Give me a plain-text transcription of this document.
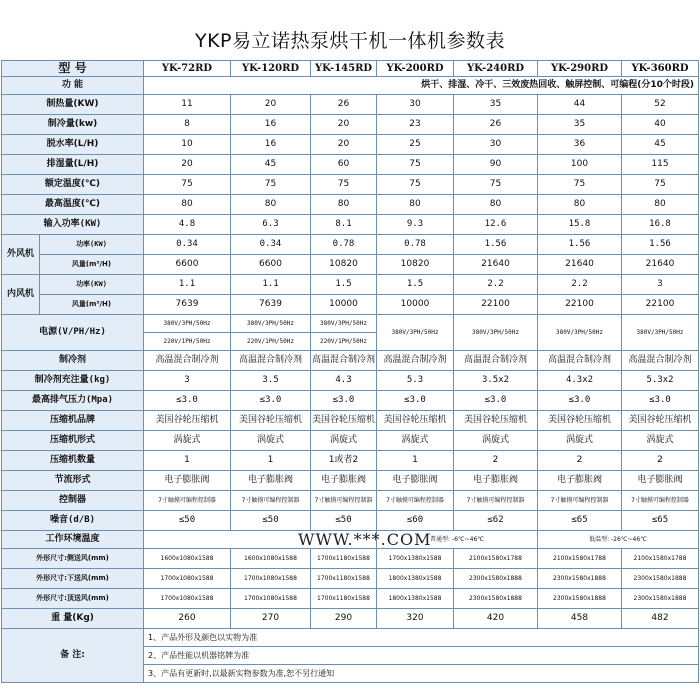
YKP易立诺热泵烘干机一体机参数表
型 号		YK-72RD	YK-120RD	YK-145RD	YK-200RD	YK-240RD	YK-290RD	YK-360RD
功 能		烘干、排湿、冷干、三效废热回收、触屏控制、可编程(分10个时段)						
制热量(KW)		11	20	26	30	35	44	52
制冷量(kw)		8	16	20	23	26	35	40
脱水率(L/H)		10	16	20	25	30	36	45
排湿量(L/H)		20	45	60	75	90	100	115
额定温度(℃)		75	75	75	75	75	75	75
最高温度(℃)		80	80	80	80	80	80	80
输入功率(KW)		4.8	6.3	8.1	9.3	12.6	15.8	16.8
外风机	功率(KW)	0.34	0.34	0.78	0.78	1.56	1.56	1.56
	风量(m³/H)	6600	6600	10820	10820	21640	21640	21640
内风机	功率(KW)	1.1	1.1	1.5	1.5	2.2	2.2	3
	风量(m³/H)	7639	7639	10000	10000	22100	22100	22100
电源(V/PH/Hz)		380V/3PH/50Hz	380V/3PH/50Hz	380V/3PH/50Hz	380V/3PH/50Hz	380V/3PH/50Hz	380V/3PH/50Hz	380V/3PH/50Hz
		220V/1PH/50Hz	220V/1PH/50Hz	220V/1PH/50Hz				
制冷剂		高温混合制冷剂	高温混合制冷剂	高温混合制冷剂	高温混合制冷剂	高温混合制冷剂	高温混合制冷剂	高温混合制冷剂
制冷剂充注量(kg)		3	3.5	4.3	5.3	3.5x2	4.3x2	5.3x2
最高排气压力(Mpa)		≤3.0	≤3.0	≤3.0	≤3.0	≤3.0	≤3.0	≤3.0
压缩机品牌		美国谷轮压缩机	美国谷轮压缩机	美国谷轮压缩机	美国谷轮压缩机	美国谷轮压缩机	美国谷轮压缩机	美国谷轮压缩机
压缩机形式		涡旋式	涡旋式	涡旋式	涡旋式	涡旋式	涡旋式	涡旋式
压缩机数量		1	1	1或者2	1	2	2	2
节流形式		电子膨胀阀	电子膨胀阀	电子膨胀阀	电子膨胀阀	电子膨胀阀	电子膨胀阀	电子膨胀阀
控制器		7寸触摸可编程控制器	7寸触摸可编程控制器	7寸触摸可编程控制器	7寸触摸可编程控制器	7寸触摸可编程控制器	7寸触摸可编程控制器	7寸触摸可编程控制器
噪音(d/B)		≤50	≤50	≤50	≤60	≤62	≤65	≤65
工作环境温度					普通型: -6℃~46℃		低温型: -26℃~46℃	
外形尺寸:侧送风(mm)		1600x1080x1588	1600x1080x1588	1700x1180x1588	1700x1380x1588	2100x1580x1788	2100x1580x1788	2100x1580x1788
外形尺寸:下送风(mm)		1700x1080x1588	1700x1080x1588	1700x1180x1588	1800x1380x1588	2300x1580x1888	2300x1580x1888	2300x1580x1888
外形尺寸:顶送风(mm)		1700x1080x1588	1700x1080x1588	1700x1180x1588	1800x1380x1588	2300x1580x1888	2300x1580x1888	2300x1580x1888
重 量(Kg)		260	270	290	320	420	458	482
备 注:		1、产品外形及颜色以实物为准						
		2、产品性能以机器铭牌为准						
		3、产品有更新时,以最新实物参数为准,恕不另行通知						
WWW.***.COM
